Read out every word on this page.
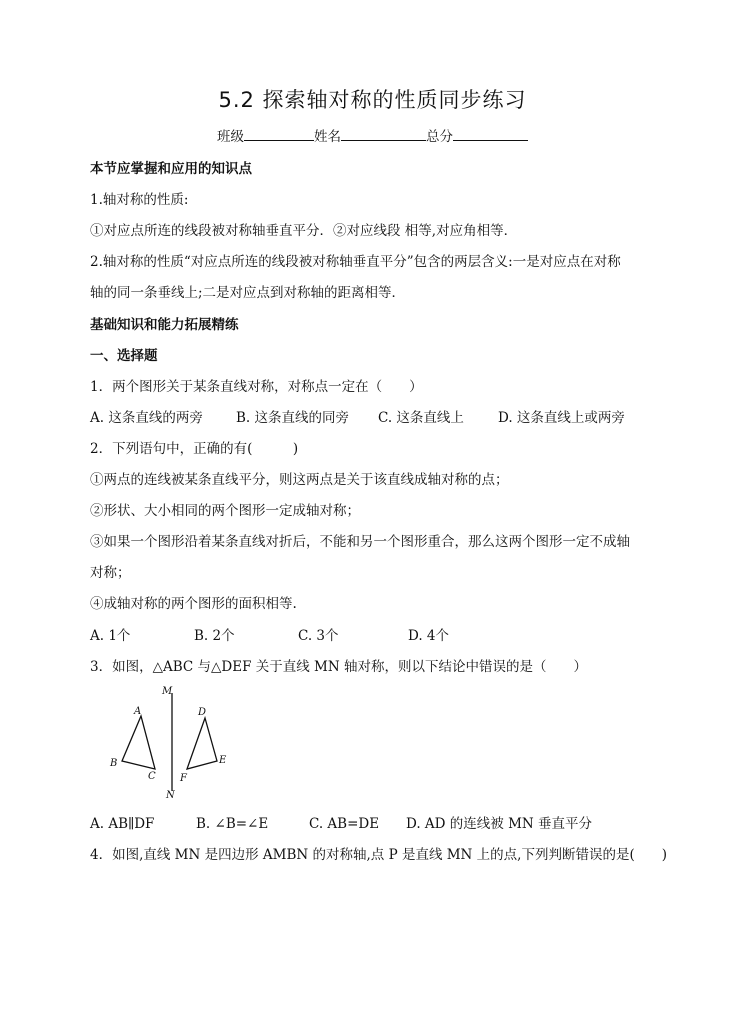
5.2 探索轴对称的性质同步练习
班级	姓名	总分
本节应掌握和应用的知识点
1.轴对称的性质:
①对应点所连的线段被对称轴垂直平分．②对应线段 相等,对应角相等．
2.轴对称的性质“对应点所连的线段被对称轴垂直平分”包含的两层含义:一是对应点在对称
轴的同一条垂线上;二是对应点到对称轴的距离相等．
基础知识和能力拓展精练
一、选择题
1．两个图形关于某条直线对称，对称点一定在（　　）
A. 这条直线的两旁 B. 这条直线的同旁 C. 这条直线上	D. 这条直线上或两旁
2．下列语句中，正确的有(　　　)
①两点的连线被某条直线平分，则这两点是关于该直线成轴对称的点；
②形状、大小相同的两个图形一定成轴对称；
③如果一个图形沿着某条直线对折后，不能和另一个图形重合，那么这两个图形一定不成轴
对称；
④成轴对称的两个图形的面积相等.
A. 1个	B. 2个	C. 3个	D. 4个
3．如图，△ABC 与△DEF 关于直线 MN 轴对称，则以下结论中错误的是（　　）
M
N
A
B
C
D
E
F
A. AB∥DF	B. ∠B=∠E	C. AB=DE D. AD 的连线被 MN 垂直平分
4．如图,直线 MN 是四边形 AMBN 的对称轴,点 P 是直线 MN 上的点,下列判断错误的是(　　)
